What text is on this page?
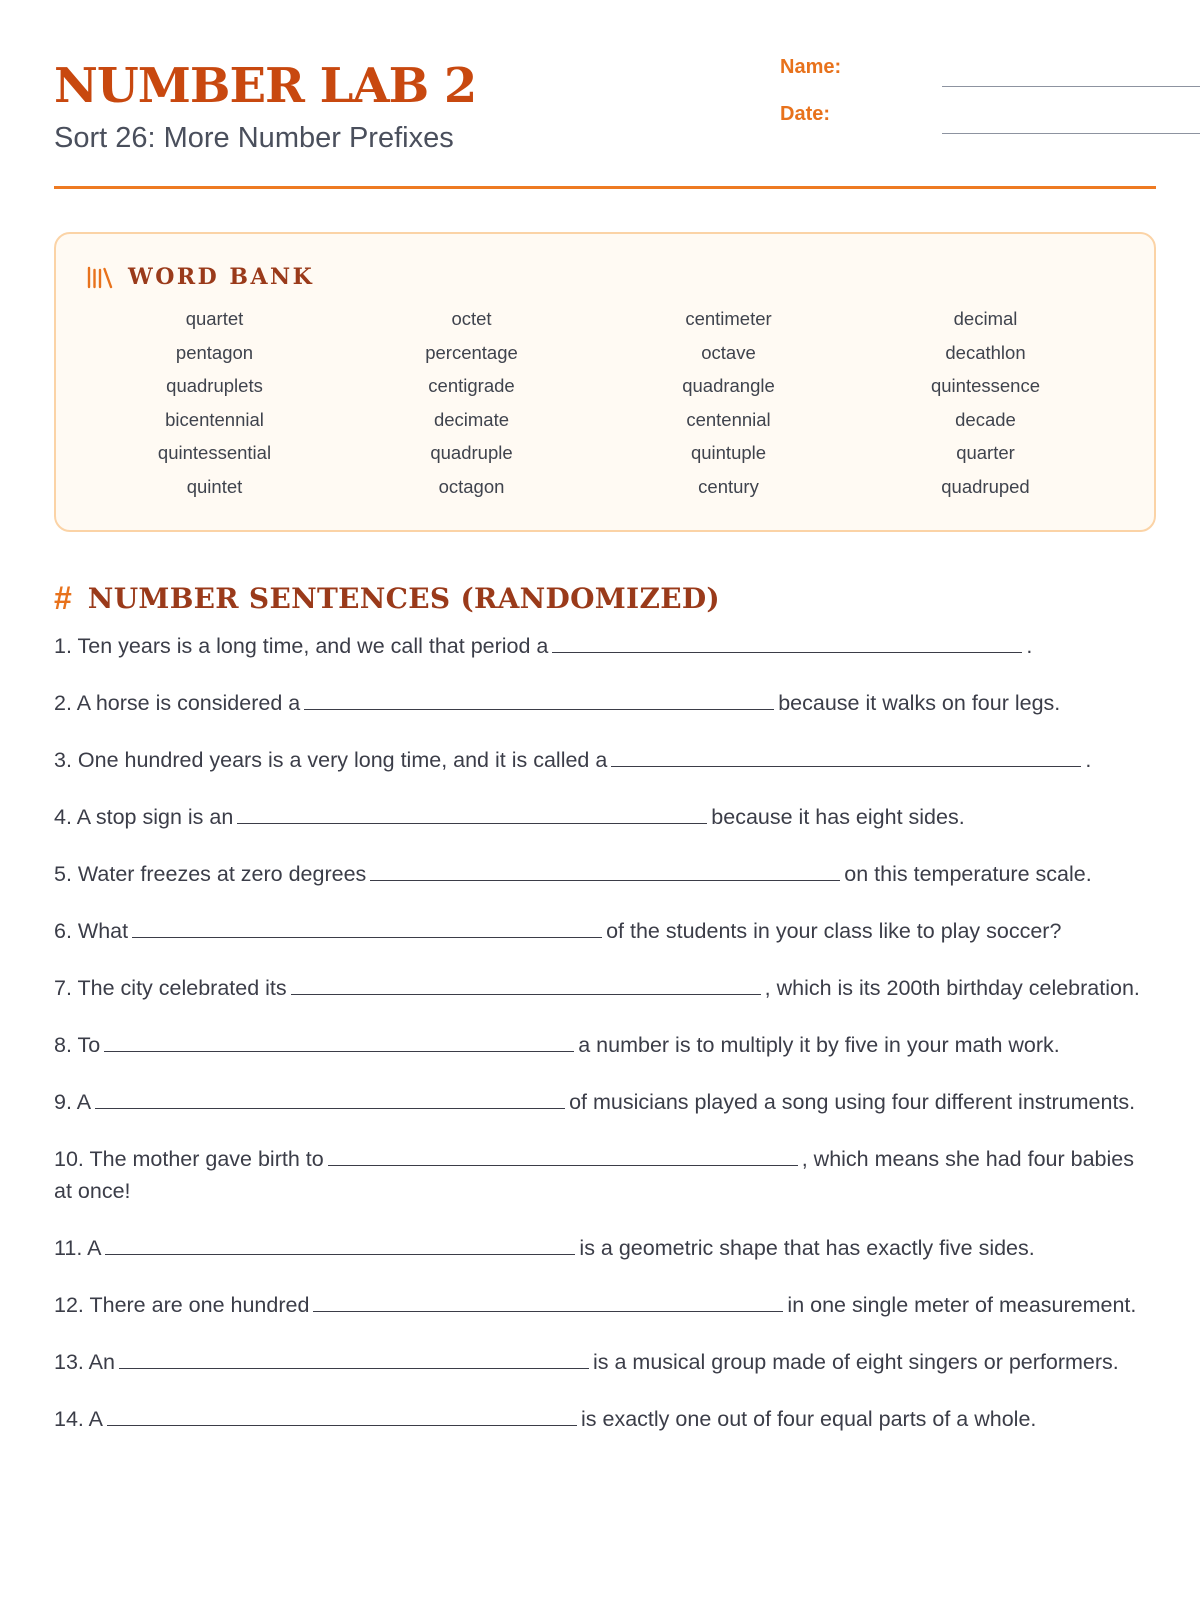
NUMBER LAB 2
Sort 26: More Number Prefixes
Name:
Date:
WORD BANK
quartet	octet	centimeter	decimal
pentagon	percentage	octave	decathlon
quadruplets	centigrade	quadrangle	quintessence
bicentennial	decimate	centennial	decade
quintessential	quadruple	quintuple	quarter
quintet	octagon	century	quadruped
# NUMBER SENTENCES (RANDOMIZED)

1. Ten years is a long time, and we call that period a	.

2. A horse is considered a	because it walks on four legs.

3. One hundred years is a very long time, and it is called a	.

4. A stop sign is an	because it has eight sides.

5. Water freezes at zero degrees	on this temperature scale.

6. What	of the students in your class like to play soccer?

7. The city celebrated its	, which is its 200th birthday celebration.

8. To	a number is to multiply it by five in your math work.

9. A	of musicians played a song using four different instruments.

10. The mother gave birth to	, which means she had four babies at once!

11. A	is a geometric shape that has exactly five sides.

12. There are one hundred	in one single meter of measurement.

13. An	is a musical group made of eight singers or performers.

14. A	is exactly one out of four equal parts of a whole.
